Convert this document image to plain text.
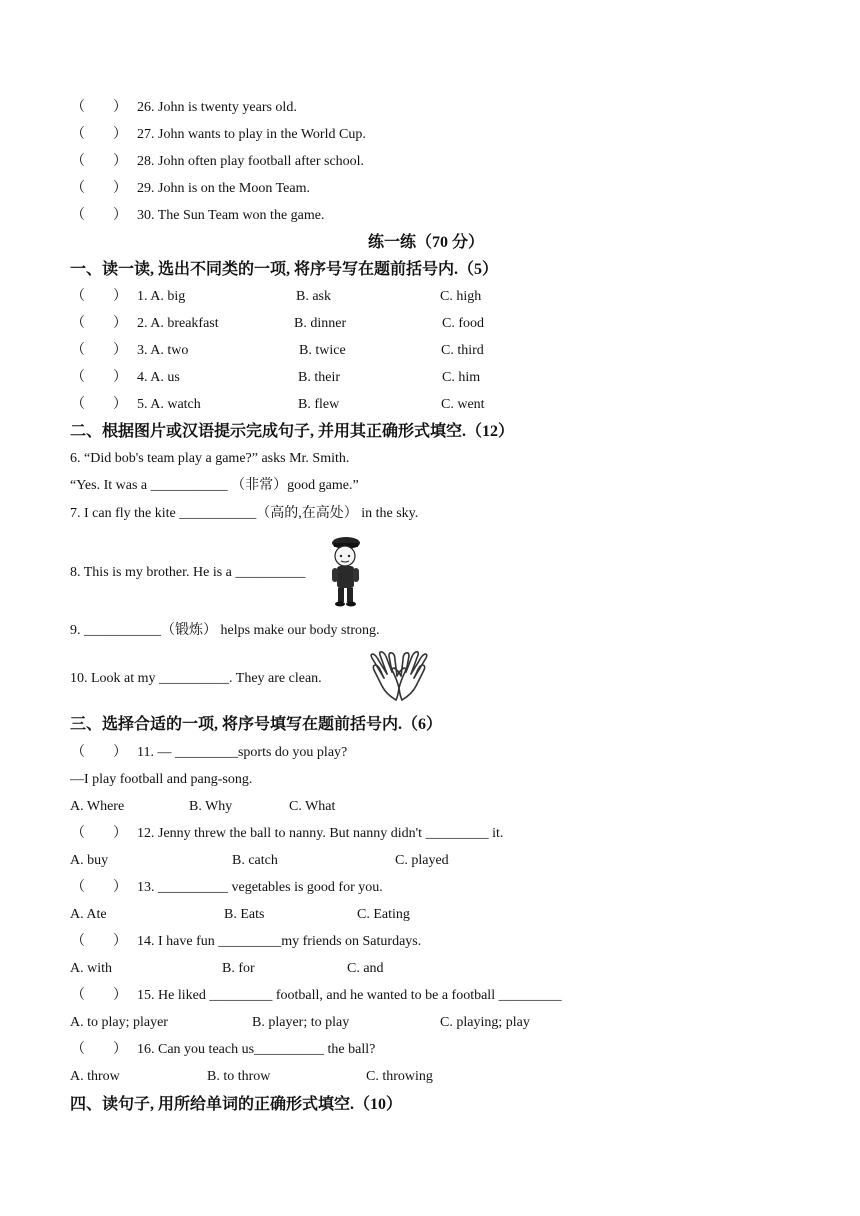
（　　） 26. John is twenty years old.
（　　） 27. John wants to play in the World Cup.
（　　） 28. John often play football after school.
（　　） 29. John is on the Moon Team.
（　　） 30. The Sun Team won the game.
练一练（70 分）
一、读一读, 选出不同类的一项, 将序号写在题前括号内.（5）
（　　） 1. A. big	B. ask	C. high
（　　） 2. A. breakfast	B. dinner	C. food
（　　） 3. A. two	B. twice	C. third
（　　） 4. A. us	B. their	C. him
（　　） 5. A. watch	B. flew	C. went
二、根据图片或汉语提示完成句子, 并用其正确形式填空.（12）
6. “Did bob's team play a game?” asks Mr. Smith.
“Yes. It was a ___________ （非常）good game.”
7. I can fly the kite ___________（高的,在高处） in the sky.
8. This is my brother. He is a __________
9. ___________（锻炼） helps make our body strong.
10. Look at my __________. They are clean.
三、选择合适的一项, 将序号填写在题前括号内.（6）
（　　） 11. — _________sports do you play?
—I play football and pang-song.
A. Where	B. Why	C. What
（　　） 12. Jenny threw the ball to nanny. But nanny didn't _________ it.
A. buy	B. catch	C. played
（　　） 13. __________ vegetables is good for you.
A. Ate	B. Eats	C. Eating
（　　） 14. I have fun _________my friends on Saturdays.
A. with	B. for	C. and
（　　） 15. He liked _________ football, and he wanted to be a football _________
A. to play; player	B. player; to play	C. playing; play
（　　） 16. Can you teach us__________ the ball?
A. throw	B. to throw	C. throwing
四、读句子, 用所给单词的正确形式填空.（10）
